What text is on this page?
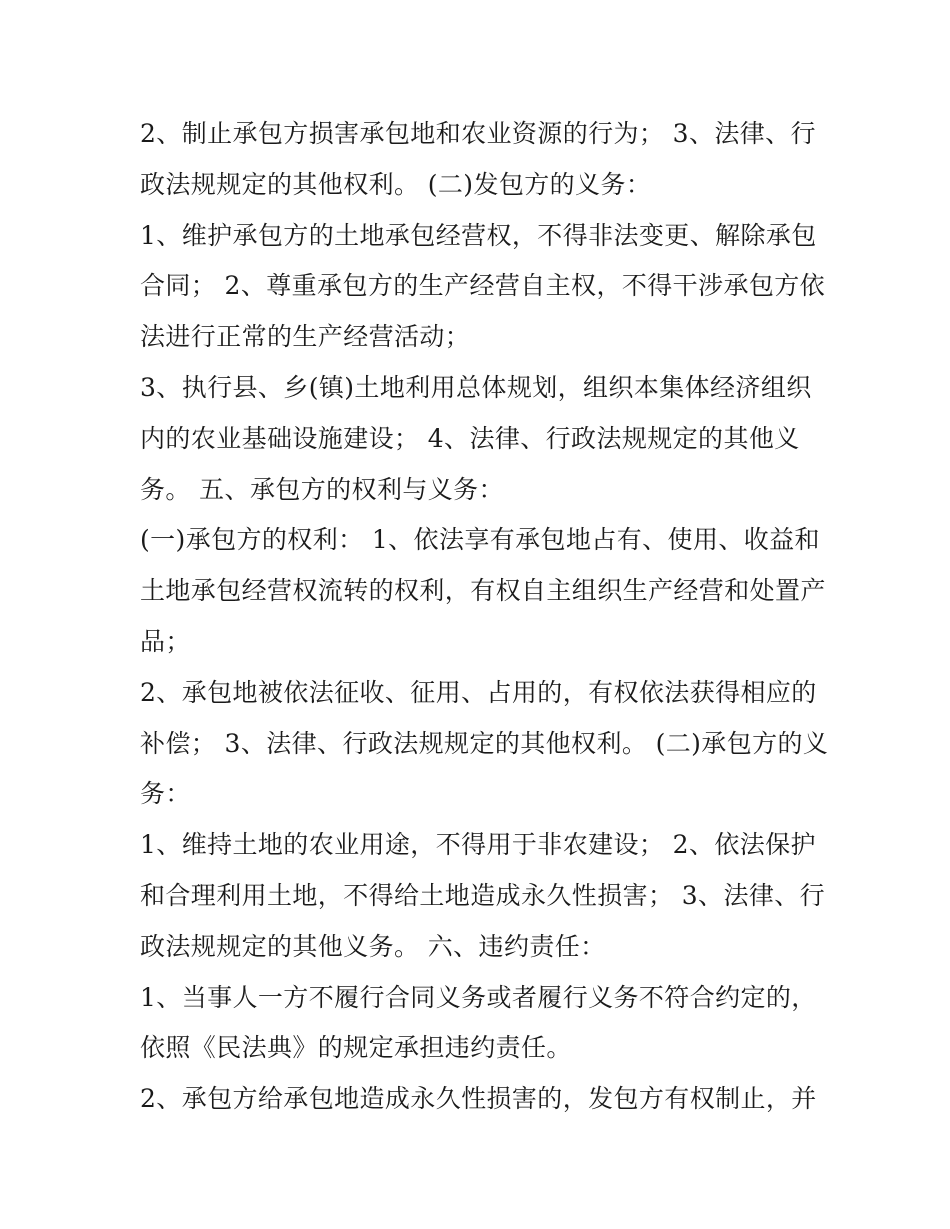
2、制止承包方损害承包地和农业资源的行为； 3、法律、行
政法规规定的其他权利。 (二)发包方的义务：
1、维护承包方的土地承包经营权，不得非法变更、解除承包
合同； 2、尊重承包方的生产经营自主权，不得干涉承包方依
法进行正常的生产经营活动；
3、执行县、乡(镇)土地利用总体规划，组织本集体经济组织
内的农业基础设施建设； 4、法律、行政法规规定的其他义
务。 五、承包方的权利与义务：
(一)承包方的权利： 1、依法享有承包地占有、使用、收益和
土地承包经营权流转的权利，有权自主组织生产经营和处置产
品；
2、承包地被依法征收、征用、占用的，有权依法获得相应的
补偿； 3、法律、行政法规规定的其他权利。 (二)承包方的义
务：
1、维持土地的农业用途，不得用于非农建设； 2、依法保护
和合理利用土地，不得给土地造成永久性损害； 3、法律、行
政法规规定的其他义务。 六、违约责任：
1、当事人一方不履行合同义务或者履行义务不符合约定的，
依照《民法典》的规定承担违约责任。
2、承包方给承包地造成永久性损害的，发包方有权制止，并
